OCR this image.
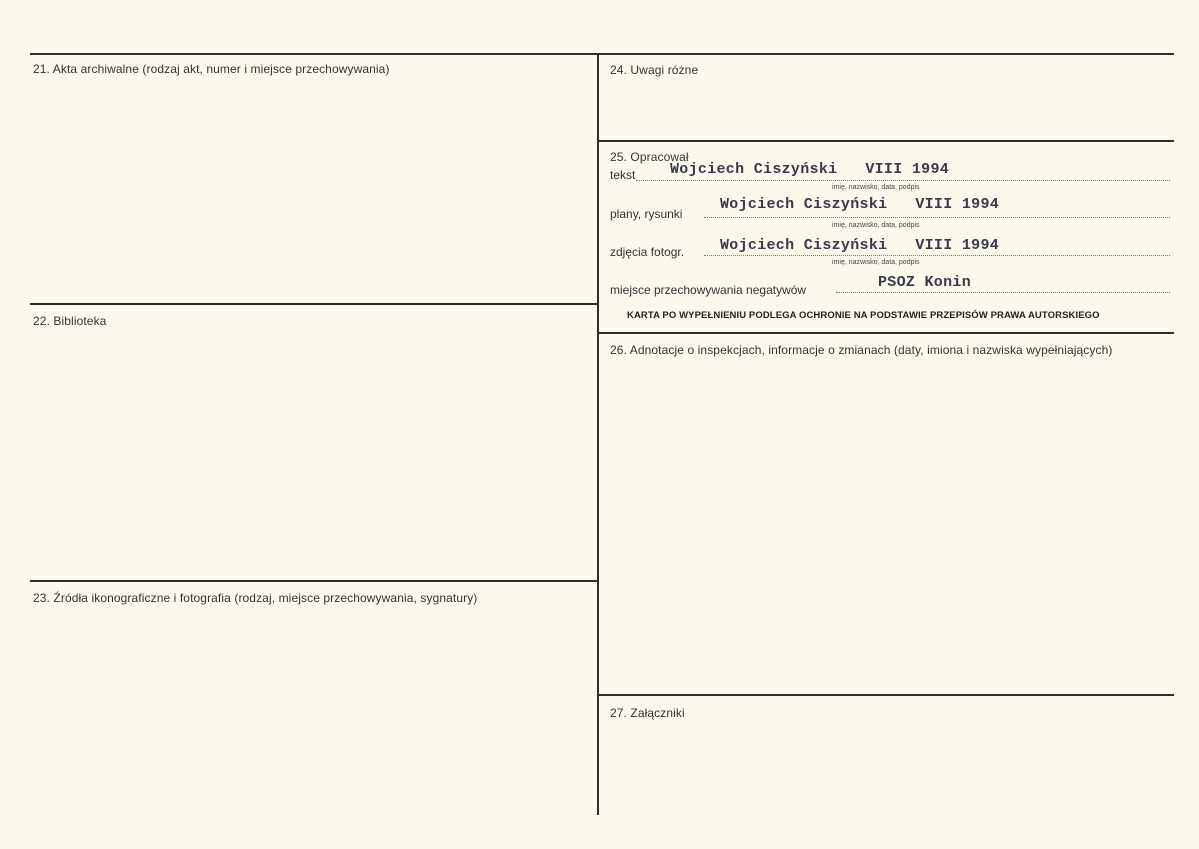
21. Akta archiwalne (rodzaj akt, numer i miejsce przechowywania)
22. Biblioteka
23. Źródła ikonograficzne i fotografia (rodzaj, miejsce przechowywania, sygnatury)
24. Uwagi różne
25. Opracował
tekst Wojciech Ciszyński   VIII 1994
imię, nazwisko, data, podpis
plany, rysunki
Wojciech Ciszyński   VIII 1994
imię, nazwisko, data, podpis
zdjęcia fotogr. Wojciech Ciszyński   VIII 1994
imię, nazwisko, data, podpis
miejsce przechowywania negatywów	PSOZ Konin
KARTA PO WYPEŁNIENIU PODLEGA OCHRONIE NA PODSTAWIE PRZEPISÓW PRAWA AUTORSKIEGO
26. Adnotacje o inspekcjach, informacje o zmianach (daty, imiona i nazwiska wypełniających)
27. Załączniki
